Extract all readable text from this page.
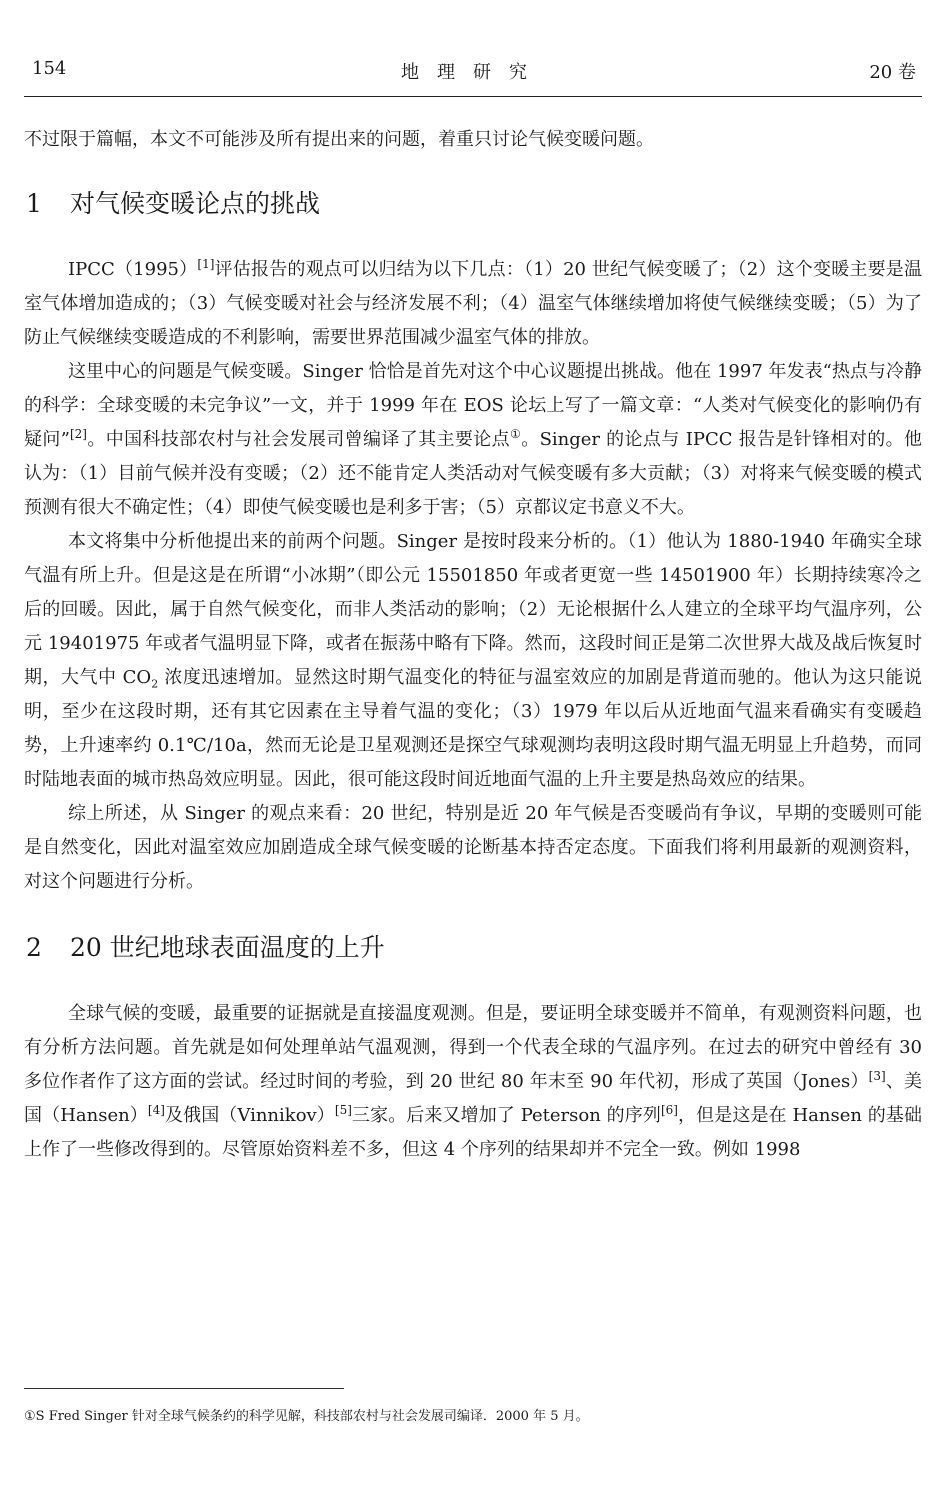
154	地理研究	20 卷

不过限于篇幅，本文不可能涉及所有提出来的问题，着重只讨论气候变暖问题。

1 对气候变暖论点的挑战

IPCC（1995）[1]评估报告的观点可以归结为以下几点：（1）20 世纪气候变暖了；（2）这个变暖主要是温室气体增加造成的；（3）气候变暖对社会与经济发展不利；（4）温室气体继续增加将使气候继续变暖；（5）为了防止气候继续变暖造成的不利影响，需要世界范围减少温室气体的排放。

这里中心的问题是气候变暖。Singer 恰恰是首先对这个中心议题提出挑战。他在 1997 年发表“热点与冷静的科学：全球变暖的未完争议”一文，并于 1999 年在 EOS 论坛上写了一篇文章：“人类对气候变化的影响仍有疑问”[2]。中国科技部农村与社会发展司曾编译了其主要论点①。Singer 的论点与 IPCC 报告是针锋相对的。他认为：（1）目前气候并没有变暖；（2）还不能肯定人类活动对气候变暖有多大贡献；（3）对将来气候变暖的模式预测有很大不确定性；（4）即使气候变暖也是利多于害；（5）京都议定书意义不大。

本文将集中分析他提出来的前两个问题。Singer 是按时段来分析的。（1）他认为 1880-1940 年确实全球气温有所上升。但是这是在所谓“小冰期”（即公元 15501850 年或者更宽一些 14501900 年）长期持续寒冷之后的回暖。因此，属于自然气候变化，而非人类活动的影响；（2）无论根据什么人建立的全球平均气温序列，公元 19401975 年或者气温明显下降，或者在振荡中略有下降。然而，这段时间正是第二次世界大战及战后恢复时期，大气中 $CO_2$ 浓度迅速增加。显然这时期气温变化的特征与温室效应的加剧是背道而驰的。他认为这只能说明，至少在这段时期，还有其它因素在主导着气温的变化；（3）1979 年以后从近地面气温来看确实有变暖趋势，上升速率约 0.1℃/10a，然而无论是卫星观测还是探空气球观测均表明这段时期气温无明显上升趋势，而同时陆地表面的城市热岛效应明显。因此，很可能这段时间近地面气温的上升主要是热岛效应的结果。

综上所述，从 Singer 的观点来看：20 世纪，特别是近 20 年气候是否变暖尚有争议，早期的变暖则可能是自然变化，因此对温室效应加剧造成全球气候变暖的论断基本持否定态度。下面我们将利用最新的观测资料，对这个问题进行分析。

2 20 世纪地球表面温度的上升

全球气候的变暖，最重要的证据就是直接温度观测。但是，要证明全球变暖并不简单，有观测资料问题，也有分析方法问题。首先就是如何处理单站气温观测，得到一个代表全球的气温序列。在过去的研究中曾经有 30 多位作者作了这方面的尝试。经过时间的考验，到 20 世纪 80 年末至 90 年代初，形成了英国（Jones）[3]、美国（Hansen）[4]及俄国（Vinnikov）[5]三家。后来又增加了 Peterson 的序列[6]，但是这是在 Hansen 的基础上作了一些修改得到的。尽管原始资料差不多，但这 4 个序列的结果却并不完全一致。例如 1998

①S Fred Singer 针对全球气候条约的科学见解，科技部农村与社会发展司编译．2000 年 5 月。
